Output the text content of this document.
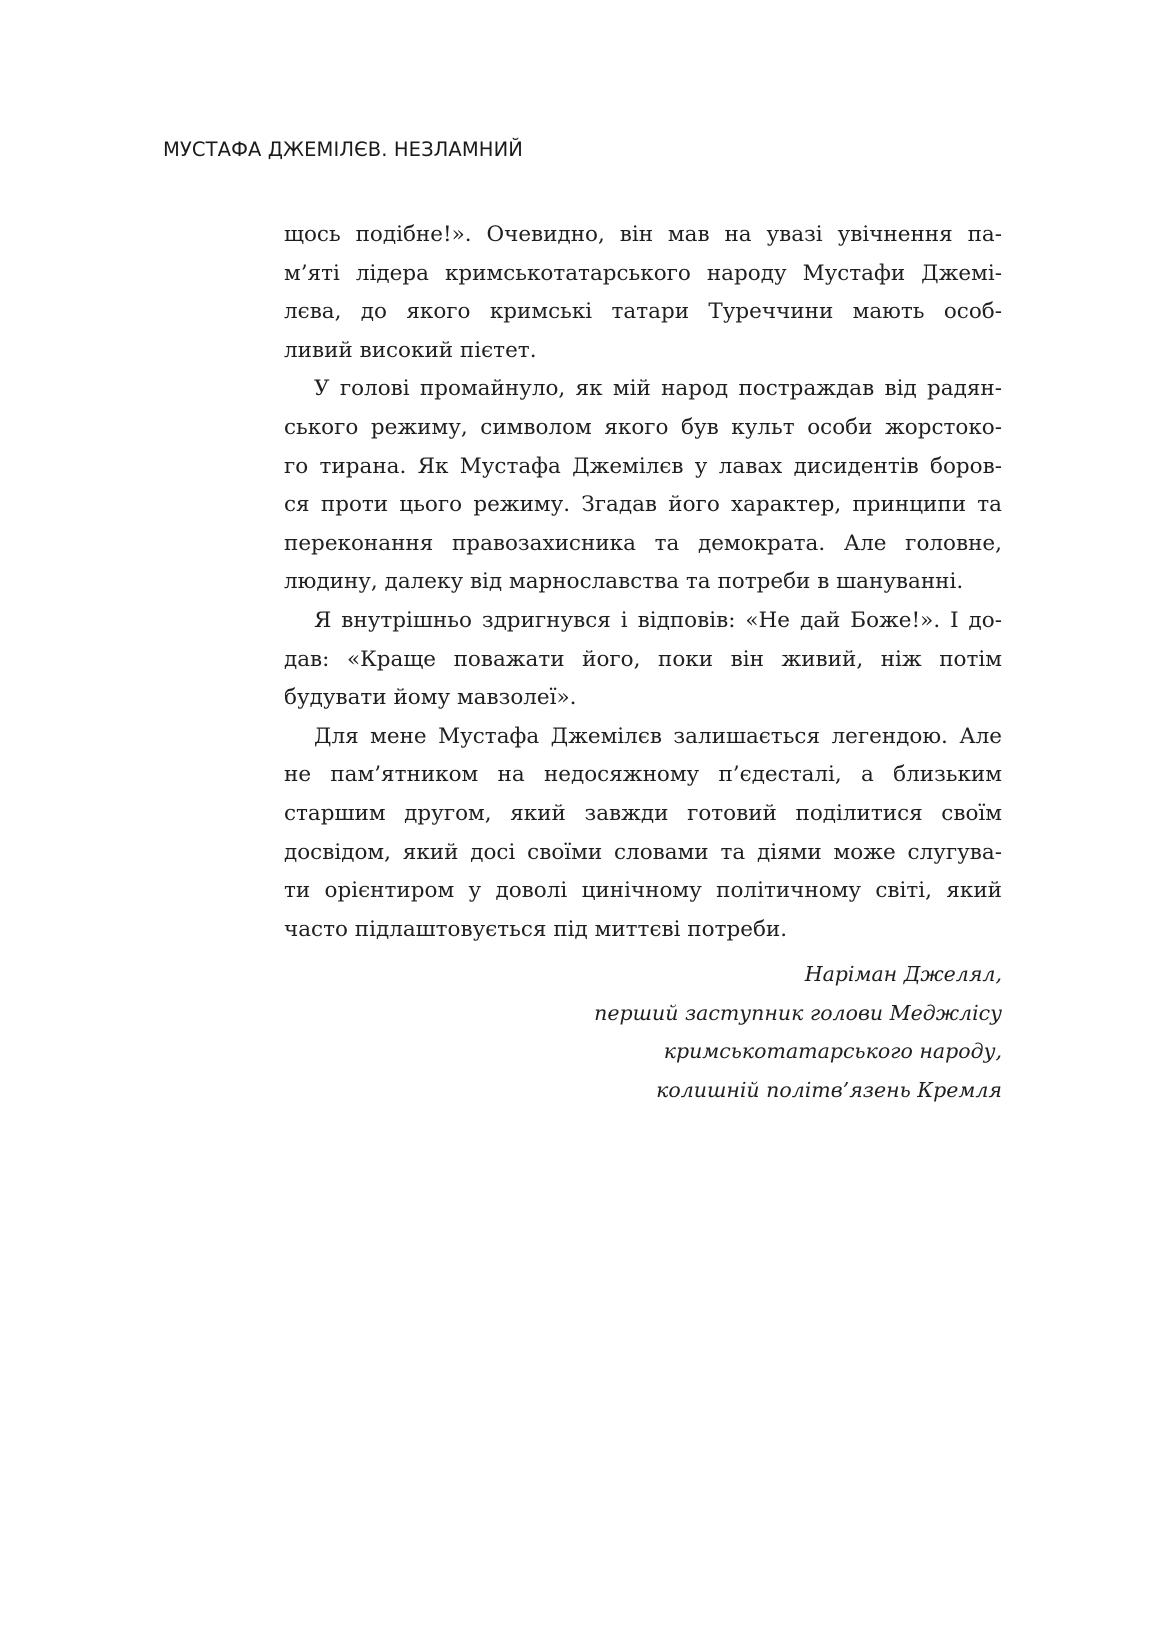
МУСТАФА ДЖЕМІЛЄВ. НЕЗЛАМНИЙ
щось подібне!». Очевидно, він мав на увазі увічнення па-
м’яті лідера кримськотатарського народу Мустафи Джемі-
лєва, до якого кримські татари Туреччини мають особ-
ливий високий пієтет.
У голові промайнуло, як мій народ постраждав від радян-
ського режиму, символом якого був культ особи жорстоко-
го тирана. Як Мустафа Джемілєв у лавах дисидентів боров-
ся проти цього режиму. Згадав його характер, принципи та
переконання правозахисника та демократа. Але головне,
людину, далеку від марнославства та потреби в шануванні.
Я внутрішньо здригнувся і відповів: «Не дай Боже!». І до-
дав: «Краще поважати його, поки він живий, ніж потім
будувати йому мавзолеї».
Для мене Мустафа Джемілєв залишається легендою. Але
не пам’ятником на недосяжному п’єдесталі, а близьким
старшим другом, який завжди готовий поділитися своїм
досвідом, який досі своїми словами та діями може слугува-
ти орієнтиром у доволі цинічному політичному світі, який
часто підлаштовується під миттєві потреби.
Наріман Джелял,
перший заступник голови Меджлісу
кримськотатарського народу,
колишній політв’язень Кремля
